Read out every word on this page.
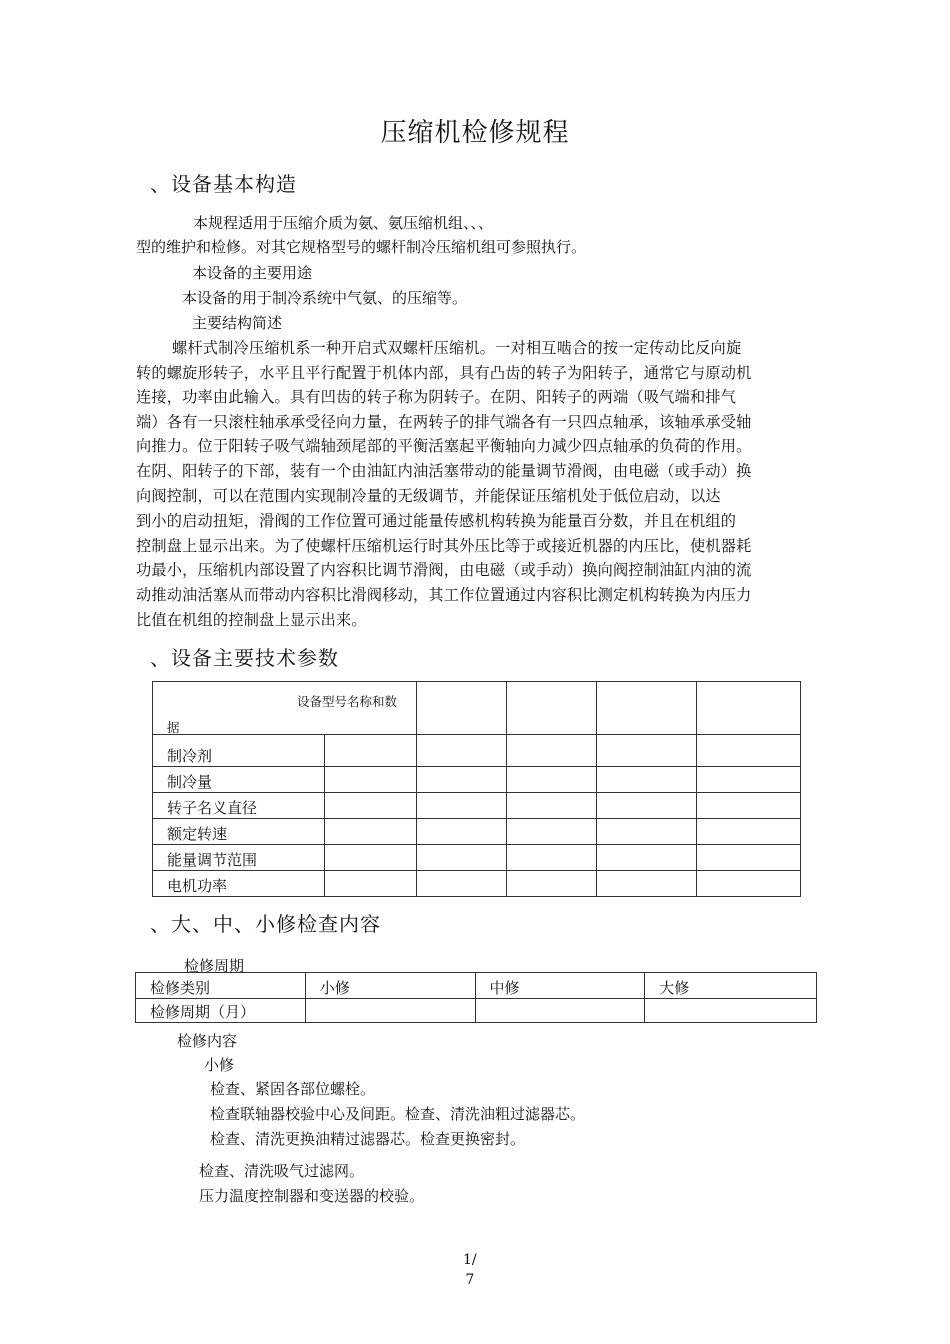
压缩机检修规程
、设备基本构造
本规程适用于压缩介质为氨、氨压缩机组、、、
型的维护和检修。对其它规格型号的螺杆制冷压缩机组可参照执行。
本设备的主要用途
本设备的用于制冷系统中气氨、的压缩等。
主要结构简述
螺杆式制冷压缩机系一种开启式双螺杆压缩机。一对相互啮合的按一定传动比反向旋
转的螺旋形转子，水平且平行配置于机体内部，具有凸齿的转子为阳转子，通常它与原动机
连接，功率由此输入。具有凹齿的转子称为阴转子。在阴、阳转子的两端（吸气端和排气
端）各有一只滚柱轴承承受径向力量，在两转子的排气端各有一只四点轴承，该轴承承受轴
向推力。位于阳转子吸气端轴颈尾部的平衡活塞起平衡轴向力减少四点轴承的负荷的作用。
在阴、阳转子的下部，装有一个由油缸内油活塞带动的能量调节滑阀，由电磁（或手动）换
向阀控制，可以在范围内实现制冷量的无级调节，并能保证压缩机处于低位启动，以达
到小的启动扭矩，滑阀的工作位置可通过能量传感机构转换为能量百分数，并且在机组的
控制盘上显示出来。为了使螺杆压缩机运行时其外压比等于或接近机器的内压比，使机器耗
功最小，压缩机内部设置了内容积比调节滑阀，由电磁（或手动）换向阀控制油缸内油的流
动推动油活塞从而带动内容积比滑阀移动，其工作位置通过内容积比测定机构转换为内压力
比值在机组的控制盘上显示出来。
、设备主要技术参数
设备型号名称和数
据					

制冷剂					
制冷量					
转子名义直径					
额定转速					
能量调节范围					
电机功率					
、大、中、小修检查内容
检修周期
检修类别	小修	中修	大修
检修周期（月）			
检修内容
小修
检查、紧固各部位螺栓。
检查联轴器校验中心及间距。检查、清洗油粗过滤器芯。
检查、清洗更换油精过滤器芯。检查更换密封。
检查、清洗吸气过滤网。
压力温度控制器和变送器的校验。
1/
7
